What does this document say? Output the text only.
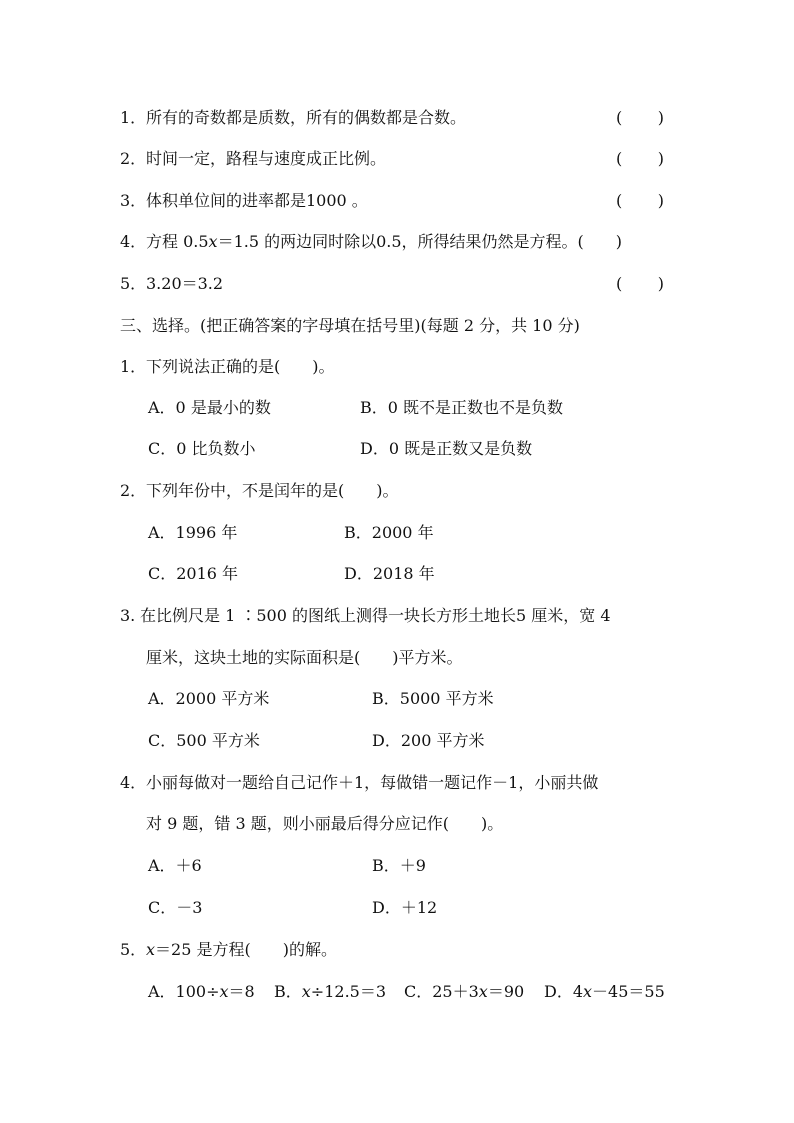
1． 所有的奇数都是质数，所有的偶数都是合数。	( )
2． 时间一定，路程与速度成正比例。	( )
3． 体积单位间的进率都是1000 。	( )
4． 方程 0.5x＝1.5 的两边同时除以0.5，所得结果仍然是方程。(　　)
5． 3.20＝3.2	( )
三、选择。(把正确答案的字母填在括号里)(每题 2 分，共 10 分)
1． 下列说法正确的是(　　)。
A．0 是最小的数	B．0 既不是正数也不是负数
C．0 比负数小	D．0 既是正数又是负数
2． 下列年份中，不是闰年的是(　　)。
A．1996 年	B．2000 年
C．2016 年	D．2018 年
3. 在比例尺是 1 ∶500 的图纸上测得一块长方形土地长5 厘米，宽 4
厘米，这块土地的实际面积是(　　)平方米。
A．2000 平方米	B．5000 平方米
C．500 平方米	D．200 平方米
4． 小丽每做对一题给自己记作＋1，每做错一题记作－1，小丽共做
对 9 题，错 3 题，则小丽最后得分应记作(　　)。
A．＋6	B．＋9
C．－3	D．＋12
5． x＝25 是方程(　　)的解。
A．100÷x＝8 B．x÷12.5＝3 C．25＋3x＝90 D．4x－45＝55
